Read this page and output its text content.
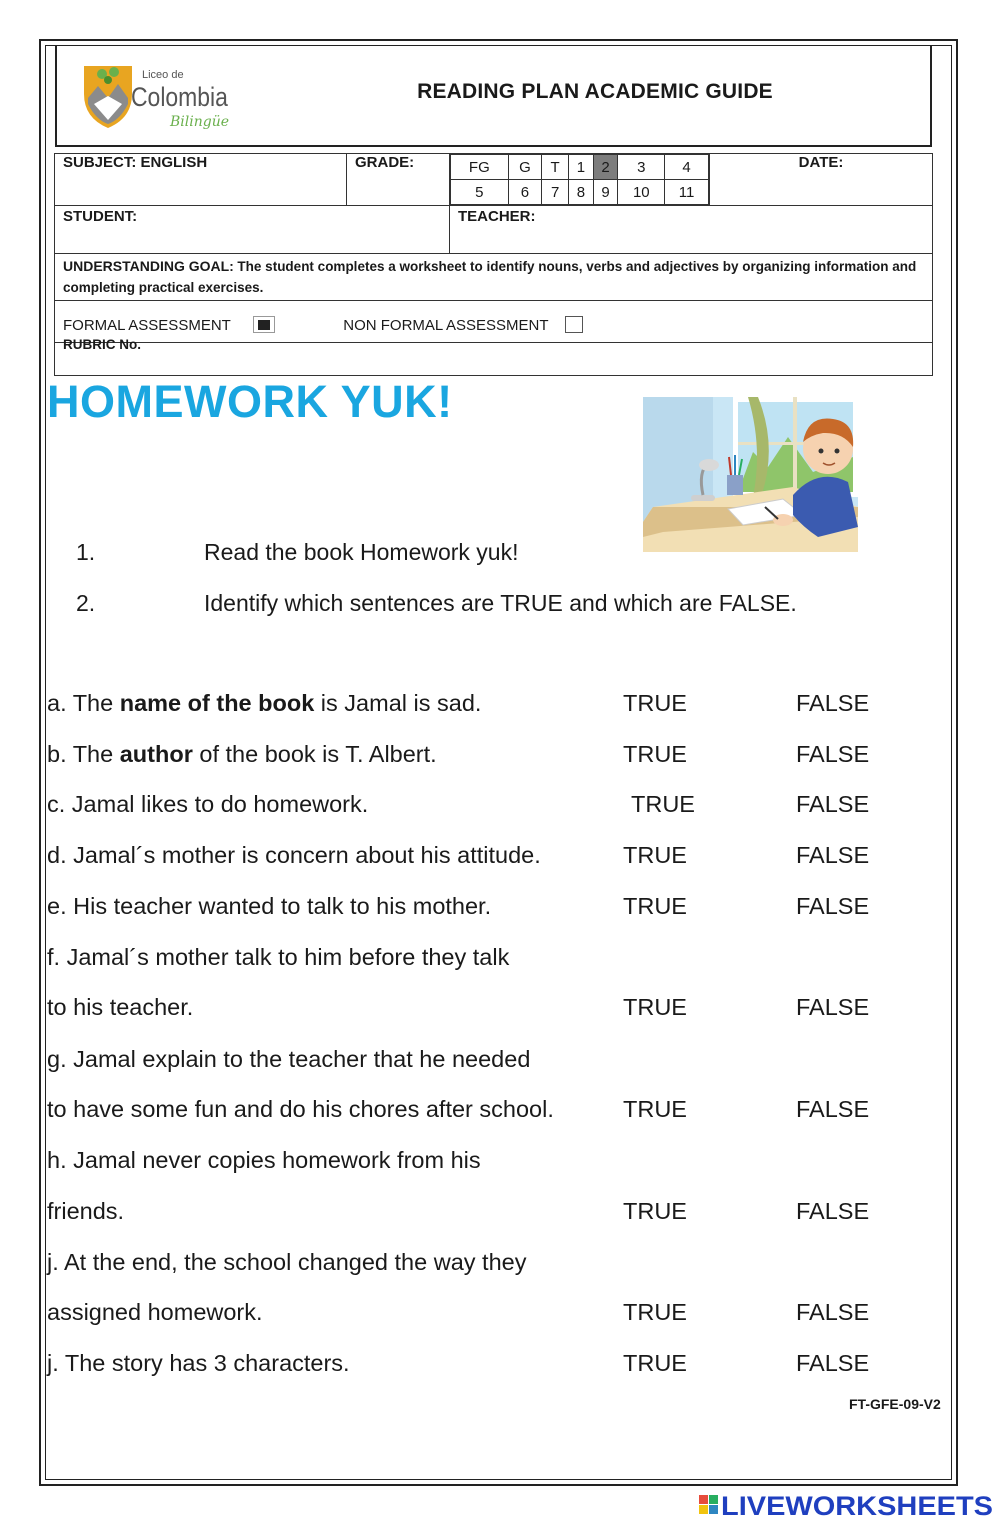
Liceo de
Colombia
Bilingüe
READING PLAN ACADEMIC GUIDE
SUBJECT: ENGLISH	GRADE:		FG	G	T	1	2	3	4
5	6	7	8	9	10	11
	DATE:
STUDENT:	TEACHER:
UNDERSTANDING GOAL: The student completes a worksheet to identify nouns, verbs and adjectives by organizing information and completing practical exercises.
FORMAL ASSESSMENT	NON FORMAL ASSESSMENT
RUBRIC No.
HOMEWORK YUK!
1.	Read the book Homework yuk!
2.	Identify which sentences are TRUE and which are FALSE.
a. The name of the book is Jamal is sad.	TRUE	FALSE
b. The author of the book is T. Albert.	TRUE	FALSE
c. Jamal likes to do homework.	TRUE	FALSE
d. Jamal´s mother is concern about his attitude.	TRUE	FALSE
e. His teacher wanted to talk to his mother.	TRUE	FALSE
f. Jamal´s mother talk to him before they talk
to his teacher.	TRUE	FALSE
g. Jamal explain to the teacher that he needed
to have some fun and do his chores after school.	TRUE	FALSE
h. Jamal never copies homework from his
friends.	TRUE	FALSE
j. At the end, the school changed the way they
assigned homework.	TRUE	FALSE
j. The story has 3 characters.	TRUE	FALSE
FT-GFE-09-V2
LIVEWORKSHEETS
